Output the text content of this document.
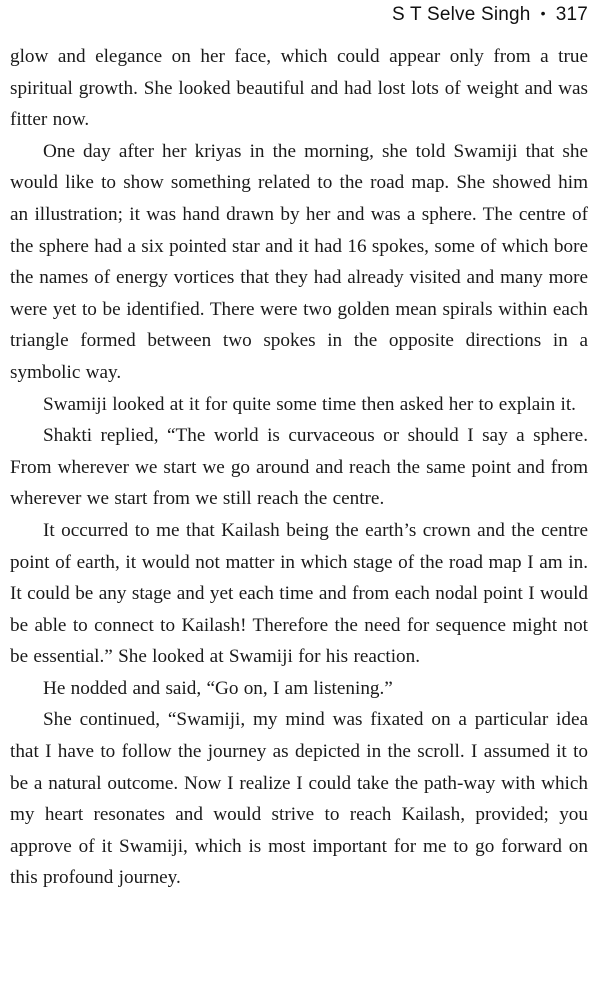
S T Selve Singh • 317

glow and elegance on her face, which could appear only from a true spiritual growth. She looked beautiful and had lost lots of weight and was fitter now.

One day after her kriyas in the morning, she told Swamiji that she would like to show something related to the road map. She showed him an illustration; it was hand drawn by her and was a sphere. The centre of the sphere had a six pointed star and it had 16 spokes, some of which bore the names of energy vortices that they had already visited and many more were yet to be identified. There were two golden mean spirals within each triangle formed between two spokes in the opposite directions in a symbolic way.

Swamiji looked at it for quite some time then asked her to explain it.

Shakti replied, “The world is curvaceous or should I say a sphere. From wherever we start we go around and reach the same point and from wherever we start from we still reach the centre.

It occurred to me that Kailash being the earth’s crown and the centre point of earth, it would not matter in which stage of the road map I am in. It could be any stage and yet each time and from each nodal point I would be able to connect to Kailash! Therefore the need for sequence might not be essential.” She looked at Swamiji for his reaction.

He nodded and said, “Go on, I am listening.”

She continued, “Swamiji, my mind was fixated on a particular idea that I have to follow the journey as depicted in the scroll. I assumed it to be a natural outcome. Now I realize I could take the path-way with which my heart resonates and would strive to reach Kailash, provided; you approve of it Swamiji, which is most important for me to go forward on this profound journey.
